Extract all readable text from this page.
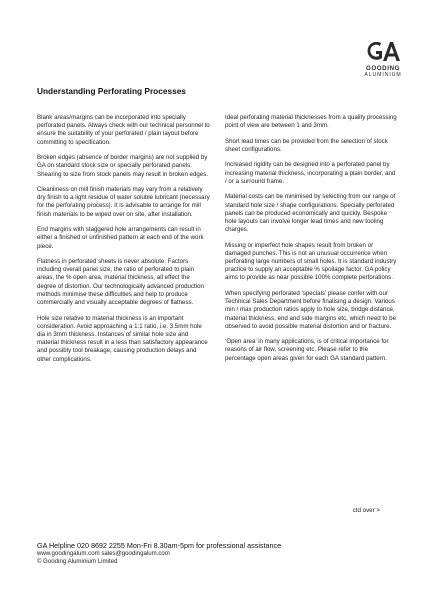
GOODING
ALUMINIUM
Understanding Perforating Processes

Blank areas/margins can be incorporated into specially perforated panels. Always check with our technical personnel to ensure the suitability of your perforated / plain layout before committing to specification.

Broken edges (absence of border margins) are not supplied by GA on standard stock size or specially perforated panels. Shearing to size from stock panels may result in broken edges.

Cleanliness on mill finish materials may vary from a relatively dry finish to a light residue of water soluble lubricant (necessary for the perforating process). It is advisable to arrange for mill finish materials to be wiped over on site, after installation.

End margins with staggered hole arrangements can result in either a finished or unfinished pattern at each end of the work piece.

Flatness in perforated sheets is never absolute. Factors including overall panel size, the ratio of perforated to plain areas, the % open area, material thickness, all effect the degree of distortion. Our technologically advanced production methods minimise these difficulties and help to produce commercially and visually acceptable degrees of flatness.

Hole size relative to material thickness is an important consideration. Avoid approaching a 1:1 ratio, i.e. 3.5mm hole dia in 3mm thickness. Instances of similar hole size and material thickness result in a less than satisfactory appearance and possibly tool breakage, causing production delays and other complications.

Ideal perforating material thicknesses from a quality processing point of view are between 1 and 3mm.

Short lead times can be provided from the selection of stock sheet configurations.

Increased rigidity can be designed into a perforated panel by increasing material thickness, incorporating a plain border, and / or a surround frame.

Material costs can be minimised by selecting from our range of standard hole size / shape configurations. Specially perforated panels can be produced economically and quickly. Bespoke hole layouts can involve longer lead times and new tooling charges.

Missing or imperfect hole shapes result from broken or damaged punches. This is not an unusual occurrence when perforating large numbers of small holes. It is standard industry practice to supply an acceptable % spoilage factor. GA policy aims to provide as near possible 100% complete perforations.

When specifying perforated ‘specials’ please confer with our Technical Sales Department before finalising a design. Various min / max production ratios apply to hole size, bridge distance, material thickness, end and side margins etc, which need to be observed to avoid possible material distortion and or fracture.

‘Open area’ in many applications, is of critical importance for reasons of air flow, screening etc. Please refer to the percentage open areas given for each GA standard pattern.

ctd over >
GA Helpline 020 8692 2255 Mon-Fri 8.30am-5pm for professional assistance
www.goodingalum.com sales@goodingalum.com
© Gooding Aluminium Limited
